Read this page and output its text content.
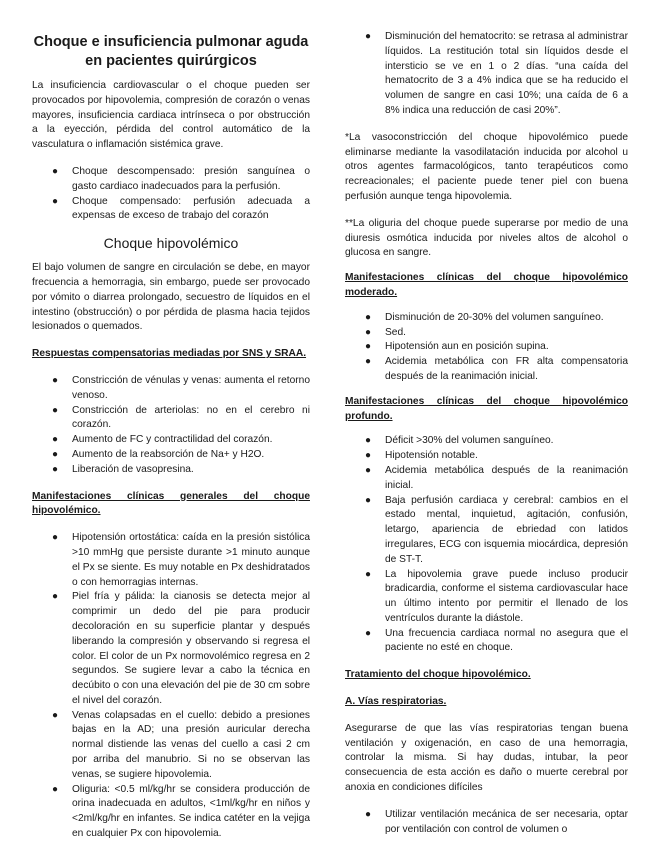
Choque e insuficiencia pulmonar aguda en pacientes quirúrgicos

La insuficiencia cardiovascular o el choque pueden ser provocados por hipovolemia, compresión de corazón o venas mayores, insuficiencia cardiaca intrínseca o por obstrucción a la eyección, pérdida del control automático de la vasculatura o inflamación sistémica grave.

● Choque descompensado: presión sanguínea o gasto cardiaco inadecuados para la perfusión.
● Choque compensado: perfusión adecuada a expensas de exceso de trabajo del corazón
Choque hipovolémico

El bajo volumen de sangre en circulación se debe, en mayor frecuencia a hemorragia, sin embargo, puede ser provocado por vómito o diarrea prolongado, secuestro de líquidos en el intestino (obstrucción) o por pérdida de plasma hacia tejidos lesionados o quemados.

Respuestas compensatorias mediadas por SNS y SRAA.
● Constricción de vénulas y venas: aumenta el retorno venoso.
● Constricción de arteriolas: no en el cerebro ni corazón.
● Aumento de FC y contractilidad del corazón.
● Aumento de la reabsorción de Na+ y H2O.
● Liberación de vasopresina.
Manifestaciones clínicas generales del choque hipovolémico.
● Hipotensión ortostática: caída en la presión sistólica >10 mmHg que persiste durante >1 minuto aunque el Px se siente. Es muy notable en Px deshidratados o con hemorragias internas.
● Piel fría y pálida: la cianosis se detecta mejor al comprimir un dedo del pie para producir decoloración en su superficie plantar y después liberando la compresión y observando si regresa el color. El color de un Px normovolémico regresa en 2 segundos. Se sugiere levar a cabo la técnica en decúbito o con una elevación del pie de 30 cm sobre el nivel del corazón.
● Venas colapsadas en el cuello: debido a presiones bajas en la AD; una presión auricular derecha normal distiende las venas del cuello a casi 2 cm por arriba del manubrio. Si no se observan las venas, se sugiere hipovolemia.
● Oliguria: <0.5 ml/kg/hr se considera producción de orina inadecuada en adultos, <1ml/kg/hr en niños y <2ml/kg/hr en infantes. Se indica catéter en la vejiga en cualquier Px con hipovolemia.
● Disminución del hematocrito: se retrasa al administrar líquidos. La restitución total sin líquidos desde el intersticio se ve en 1 o 2 días. “una caída del hematocrito de 3 a 4% indica que se ha reducido el volumen de sangre en casi 10%; una caída de 6 a 8% indica una reducción de casi 20%”.

*La vasoconstricción del choque hipovolémico puede eliminarse mediante la vasodilatación inducida por alcohol u otros agentes farmacológicos, tanto terapéuticos como recreacionales; el paciente puede tener piel con buena perfusión aunque tenga hipovolemia.

**La oliguria del choque puede superarse por medio de una diuresis osmótica inducida por niveles altos de alcohol o glucosa en sangre.

Manifestaciones clínicas del choque hipovolémico moderado.
● Disminución de 20-30% del volumen sanguíneo.
● Sed.
● Hipotensión aun en posición supina.
● Acidemia metabólica con FR alta compensatoria después de la reanimación inicial.
Manifestaciones clínicas del choque hipovolémico profundo.
● Déficit >30% del volumen sanguíneo.
● Hipotensión notable.
● Acidemia metabólica después de la reanimación inicial.
● Baja perfusión cardiaca y cerebral: cambios en el estado mental, inquietud, agitación, confusión, letargo, apariencia de ebriedad con latidos irregulares, ECG con isquemia miocárdica, depresión de ST-T.
● La hipovolemia grave puede incluso producir bradicardia, conforme el sistema cardiovascular hace un último intento por permitir el llenado de los ventrículos durante la diástole.
● Una frecuencia cardiaca normal no asegura que el paciente no esté en choque.
Tratamiento del choque hipovolémico.
A. Vías respiratorias.

Asegurarse de que las vías respiratorias tengan buena ventilación y oxigenación, en caso de una hemorragia, controlar la misma. Si hay dudas, intubar, la peor consecuencia de esta acción es daño o muerte cerebral por anoxia en condiciones difíciles

● Utilizar ventilación mecánica de ser necesaria, optar por ventilación con control de volumen o
